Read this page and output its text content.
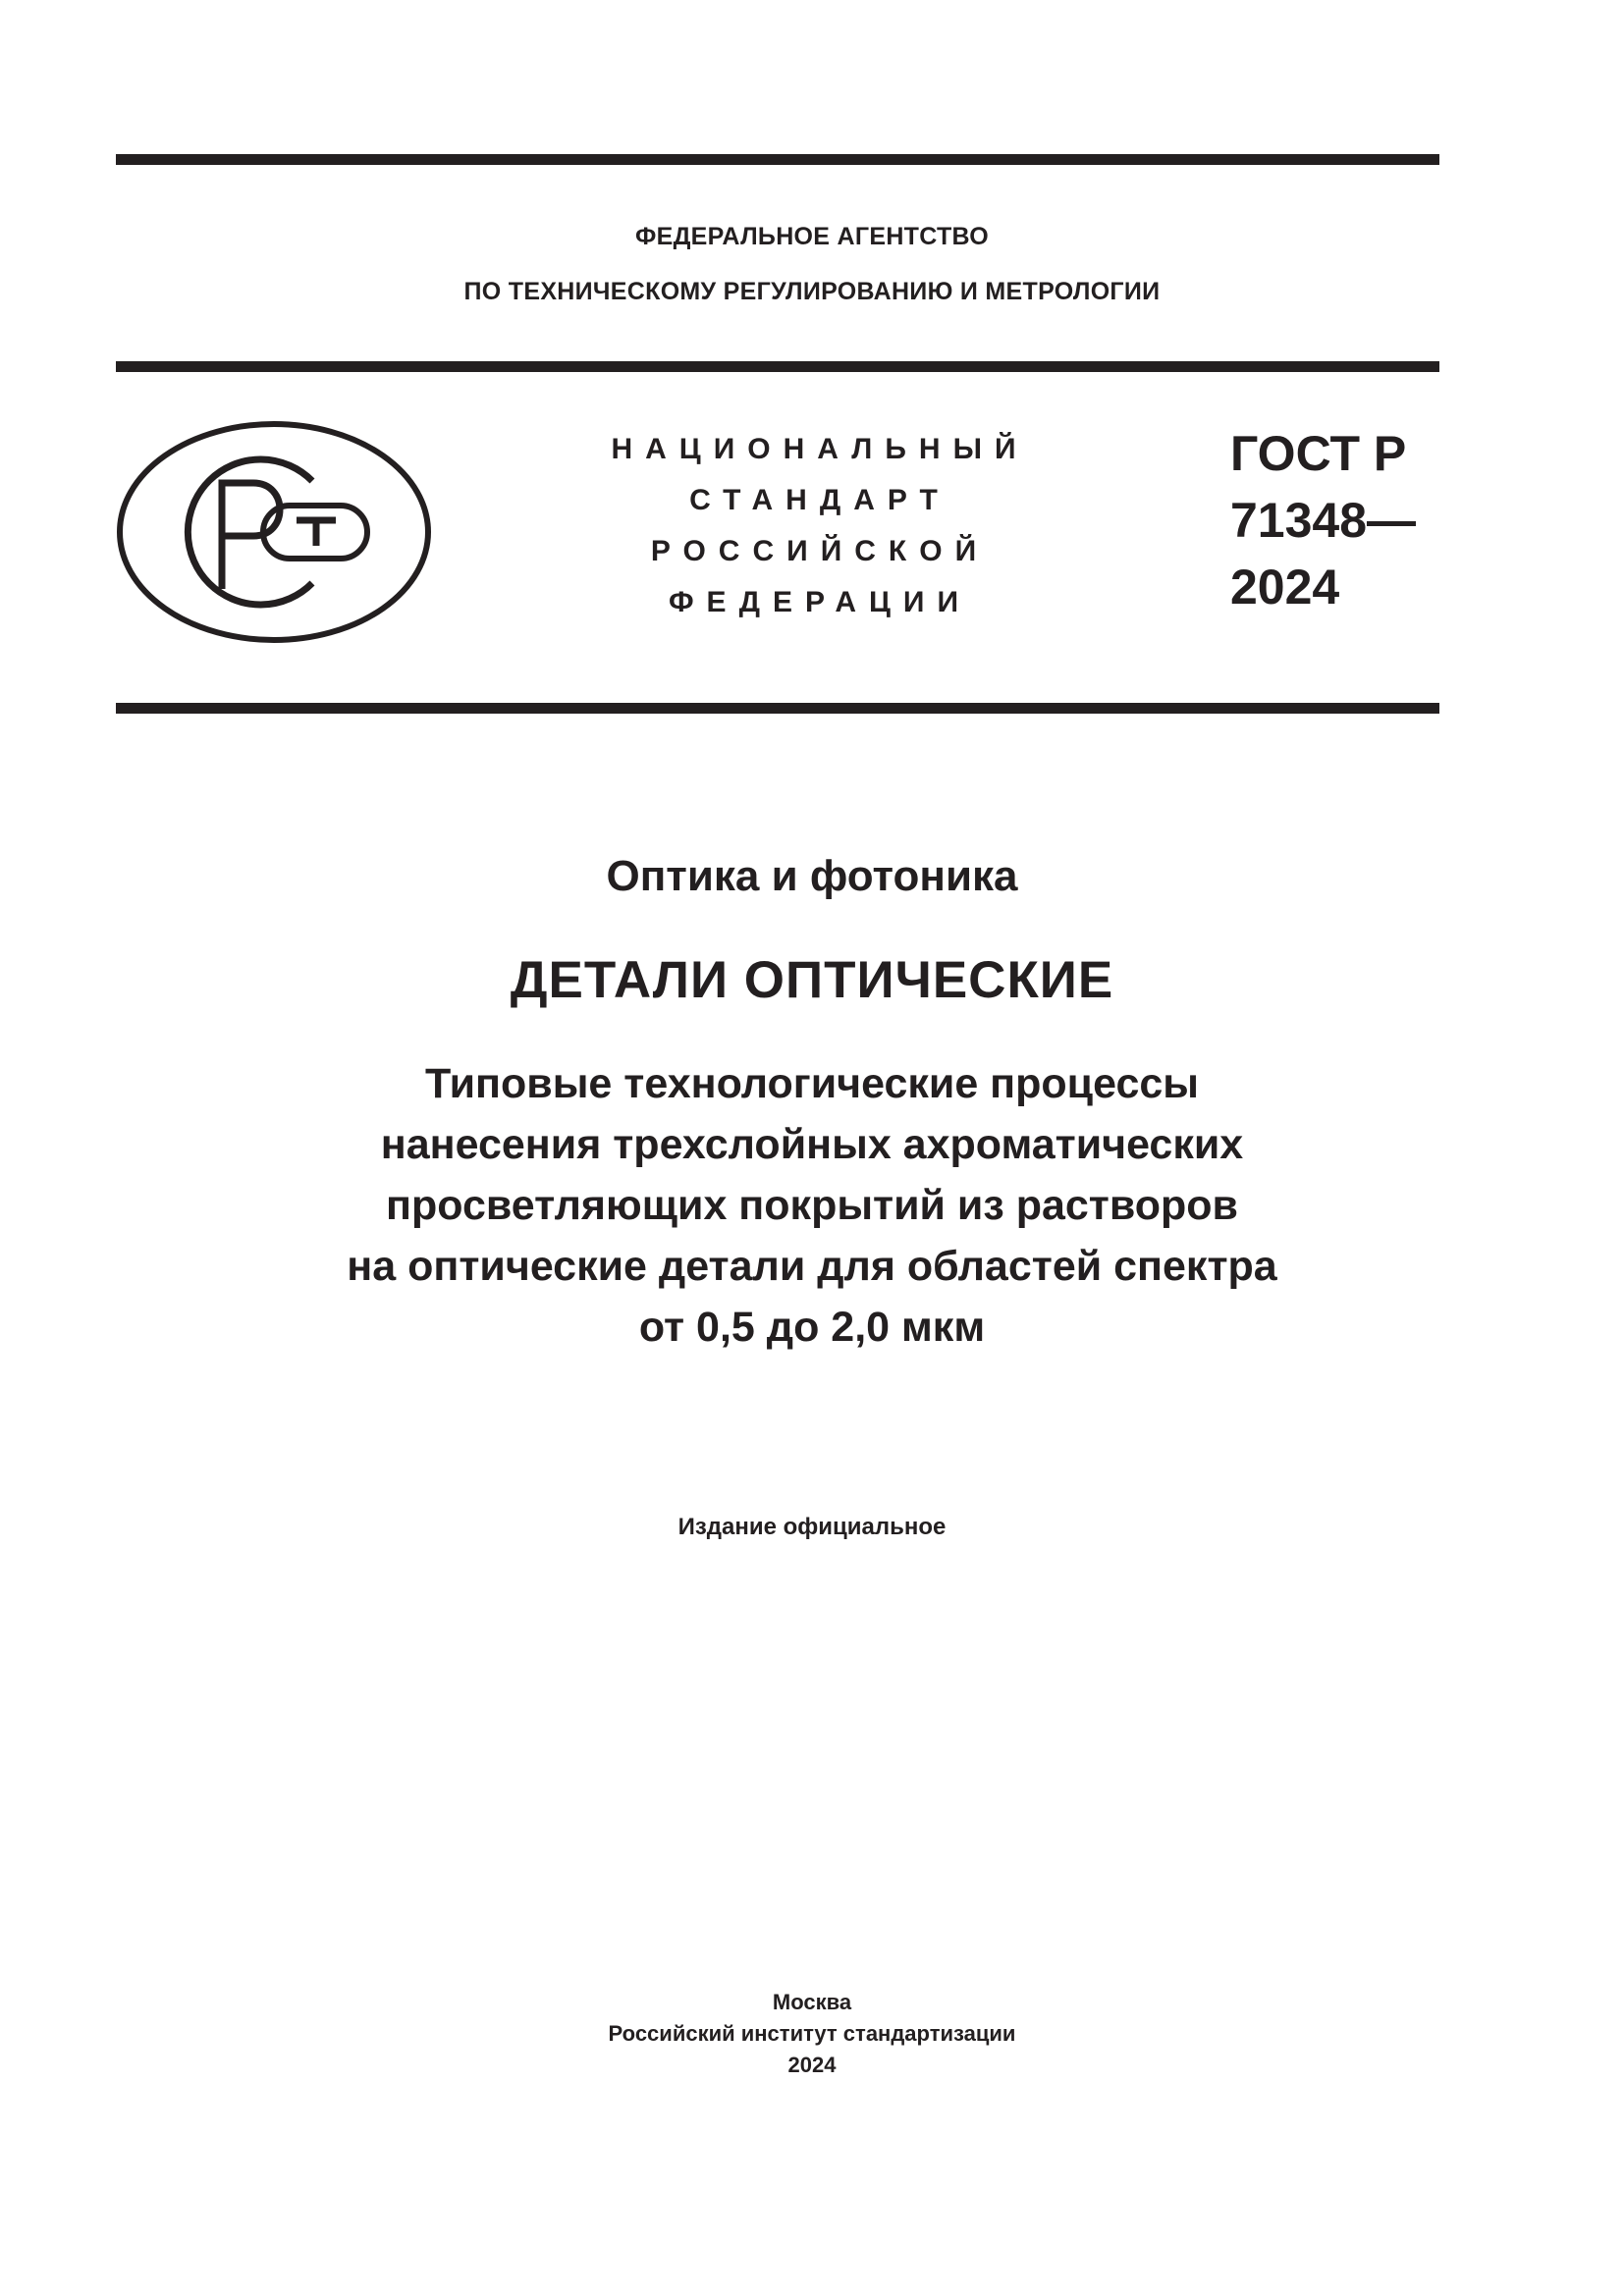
ФЕДЕРАЛЬНОЕ АГЕНТСТВО
ПО ТЕХНИЧЕСКОМУ РЕГУЛИРОВАНИЮ И МЕТРОЛОГИИ
НАЦИОНАЛЬНЫЙ
СТАНДАРТ
РОССИЙСКОЙ
ФЕДЕРАЦИИ
ГОСТ Р
71348—
2024
Оптика и фотоника
ДЕТАЛИ ОПТИЧЕСКИЕ
Типовые технологические процессы
нанесения трехслойных ахроматических
просветляющих покрытий из растворов
на оптические детали для областей спектра
от 0,5 до 2,0 мкм
Издание официальное
Москва
Российский институт стандартизации
2024
